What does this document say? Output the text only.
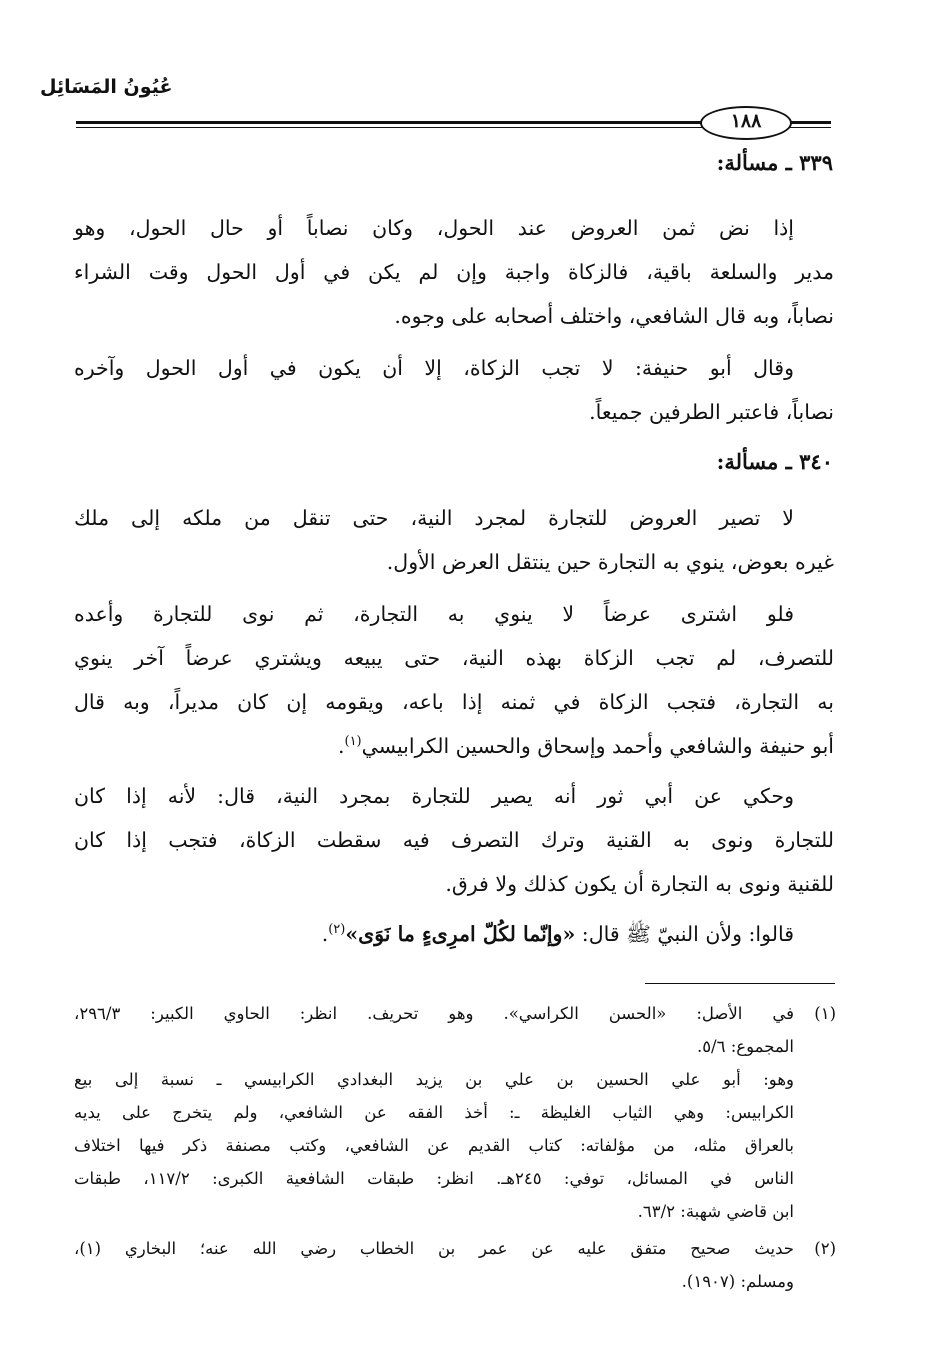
عُيُونُ المَسَائِل
١٨٨
٣٣٩ ـ مسألة:
إذا نض ثمن العروض عند الحول، وكان نصاباً أو حال الحول، وهو
مدير والسلعة باقية، فالزكاة واجبة وإن لم يكن في أول الحول وقت الشراء
نصاباً، وبه قال الشافعي، واختلف أصحابه على وجوه.
وقال أبو حنيفة: لا تجب الزكاة، إلا أن يكون في أول الحول وآخره
نصاباً، فاعتبر الطرفين جميعاً.
٣٤٠ ـ مسألة:
لا تصير العروض للتجارة لمجرد النية، حتى تنقل من ملكه إلى ملك
غيره بعوض، ينوي به التجارة حين ينتقل العرض الأول.
فلو اشترى عرضاً لا ينوي به التجارة، ثم نوى للتجارة وأعده
للتصرف، لم تجب الزكاة بهذه النية، حتى يبيعه ويشتري عرضاً آخر ينوي
به التجارة، فتجب الزكاة في ثمنه إذا باعه، ويقومه إن كان مديراً، وبه قال
أبو حنيفة والشافعي وأحمد وإسحاق والحسين الكرابيسي$^{(١)}$.
وحكي عن أبي ثور أنه يصير للتجارة بمجرد النية، قال: لأنه إذا كان
للتجارة ونوى به القنية وترك التصرف فيه سقطت الزكاة، فتجب إذا كان
للقنية ونوى به التجارة أن يكون كذلك ولا فرق.
قالوا: ولأن النبيّ ﷺ قال: «وإنّما لكُلّ امرِىءٍ ما نَوَى»$^{(٢)}$.
(١)
في الأصل: «الحسن الكراسي». وهو تحريف. انظر: الحاوي الكبير: ٢٩٦/٣،
المجموع: ٥/٦.
وهو: أبو علي الحسين بن علي بن يزيد البغدادي الكرابيسي ـ نسبة إلى بيع
الكرابيس: وهي الثياب الغليظة ـ: أخذ الفقه عن الشافعي، ولم يتخرج على يديه
بالعراق مثله، من مؤلفاته: كتاب القديم عن الشافعي، وكتب مصنفة ذكر فيها اختلاف
الناس في المسائل، توفي: ٢٤٥هـ. انظر: طبقات الشافعية الكبرى: ١١٧/٢، طبقات
ابن قاضي شهبة: ٦٣/٢.
(٢)
حديث صحيح متفق عليه عن عمر بن الخطاب رضي الله عنه؛ البخاري (١)،
ومسلم: (١٩٠٧).
